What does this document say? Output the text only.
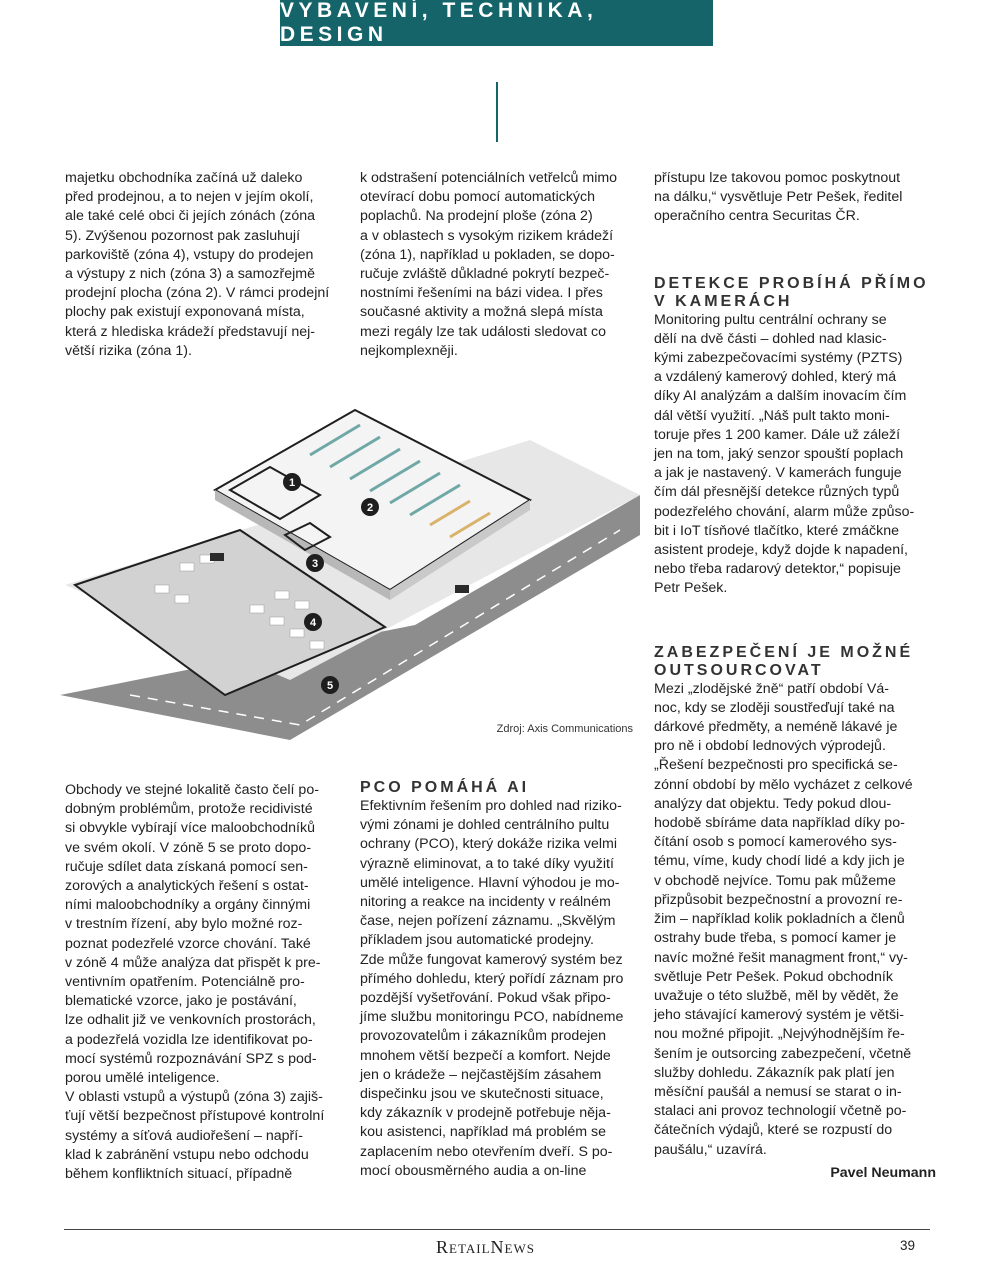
VYBAVENÍ, TECHNIKA, DESIGN

majetku obchodníka začíná už daleko
před prodejnou, a to nejen v jejím okolí,
ale také celé obci či jejích zónách (zóna
5). Zvýšenou pozornost pak zasluhují
parkoviště (zóna 4), vstupy do prodejen
a výstupy z nich (zóna 3) a samozřejmě
prodejní plocha (zóna 2). V rámci prodejní
plochy pak existují exponovaná místa,
která z hlediska krádeží představují nej-
větší rizika (zóna 1).

k odstrašení potenciálních vetřelců mimo
otevírací dobu pomocí automatických
poplachů. Na prodejní ploše (zóna 2)
a v oblastech s vysokým rizikem krádeží
(zóna 1), například u pokladen, se dopo-
ručuje zvláště důkladné pokrytí bezpeč-
nostními řešeními na bázi videa. I přes
současné aktivity a možná slepá místa
mezi regály lze tak události sledovat co
nejkomplexněji.

přístupu lze takovou pomoc poskytnout
na dálku,“ vysvětluje Petr Pešek, ředitel
operačního centra Securitas ČR.

DETEKCE PROBÍHÁ PŘÍMO
V KAMERÁCH

Monitoring pultu centrální ochrany se
dělí na dvě části – dohled nad klasic-
kými zabezpečovacími systémy (PZTS)
a vzdálený kamerový dohled, který má
díky AI analýzám a dalším inovacím čím
dál větší využití. „Náš pult takto moni-
toruje přes 1 200 kamer. Dále už záleží
jen na tom, jaký senzor spouští poplach
a jak je nastavený. V kamerách funguje
čím dál přesnější detekce různých typů
podezřelého chování, alarm může způso-
bit i IoT tísňové tlačítko, které zmáčkne
asistent prodeje, když dojde k napadení,
nebo třeba radarový detektor,“ popisuje
Petr Pešek.

ZABEZPEČENÍ JE MOŽNÉ
OUTSOURCOVAT

Mezi „zlodějské žně“ patří období Vá-
noc, kdy se zloději soustřeďují také na
dárkové předměty, a neméně lákavé je
pro ně i období lednových výprodejů.
„Řešení bezpečnosti pro specifická se-
zónní období by mělo vycházet z celkové
analýzy dat objektu. Tedy pokud dlou-
hodobě sbíráme data například díky po-
čítání osob s pomocí kamerového sys-
tému, víme, kudy chodí lidé a kdy jich je
v obchodě nejvíce. Tomu pak můžeme
přizpůsobit bezpečnostní a provozní re-
žim – například kolik pokladních a členů
ostrahy bude třeba, s pomocí kamer je
navíc možné řešit managment front,“ vy-
světluje Petr Pešek. Pokud obchodník
uvažuje o této službě, měl by vědět, že
jeho stávající kamerový systém je větši-
nou možné připojit. „Nejvýhodnějším ře-
šením je outsorcing zabezpečení, včetně
služby dohledu. Zákazník pak platí jen
měsíční paušál a nemusí se starat o in-
stalaci ani provoz technologií včetně po-
čátečních výdajů, které se rozpustí do
paušálu,“ uzavírá.

Pavel Neumann
1
2
3
4
5
Zdroj: Axis Communications

Obchody ve stejné lokalitě často čelí po-
dobným problémům, protože recidivisté
si obvykle vybírají více maloobchodníků
ve svém okolí. V zóně 5 se proto dopo-
ručuje sdílet data získaná pomocí sen-
zorových a analytických řešení s ostat-
ními maloobchodníky a orgány činnými
v trestním řízení, aby bylo možné roz-
poznat podezřelé vzorce chování. Také
v zóně 4 může analýza dat přispět k pre-
ventivním opatřením. Potenciálně pro-
blematické vzorce, jako je postávání,
lze odhalit již ve venkovních prostorách,
a podezřelá vozidla lze identifikovat po-
mocí systémů rozpoznávání SPZ s pod-
porou umělé inteligence.

V oblasti vstupů a výstupů (zóna 3) zajiš-
ťují větší bezpečnost přístupové kontrolní
systémy a síťová audiořešení – napří-
klad k zabránění vstupu nebo odchodu
během konfliktních situací, případně

PCO POMÁHÁ AI

Efektivním řešením pro dohled nad riziko-
vými zónami je dohled centrálního pultu
ochrany (PCO), který dokáže rizika velmi
výrazně eliminovat, a to také díky využití
umělé inteligence. Hlavní výhodou je mo-
nitoring a reakce na incidenty v reálném
čase, nejen pořízení záznamu. „Skvělým
příkladem jsou automatické prodejny.
Zde může fungovat kamerový systém bez
přímého dohledu, který pořídí záznam pro
pozdější vyšetřování. Pokud však připo-
jíme službu monitoringu PCO, nabídneme
provozovatelům i zákazníkům prodejen
mnohem větší bezpečí a komfort. Nejde
jen o krádeže – nejčastějším zásahem
dispečinku jsou ve skutečnosti situace,
kdy zákazník v prodejně potřebuje něja-
kou asistenci, například má problém se
zaplacením nebo otevřením dveří. S po-
mocí obousměrného audia a on-line

RetailNews	39
